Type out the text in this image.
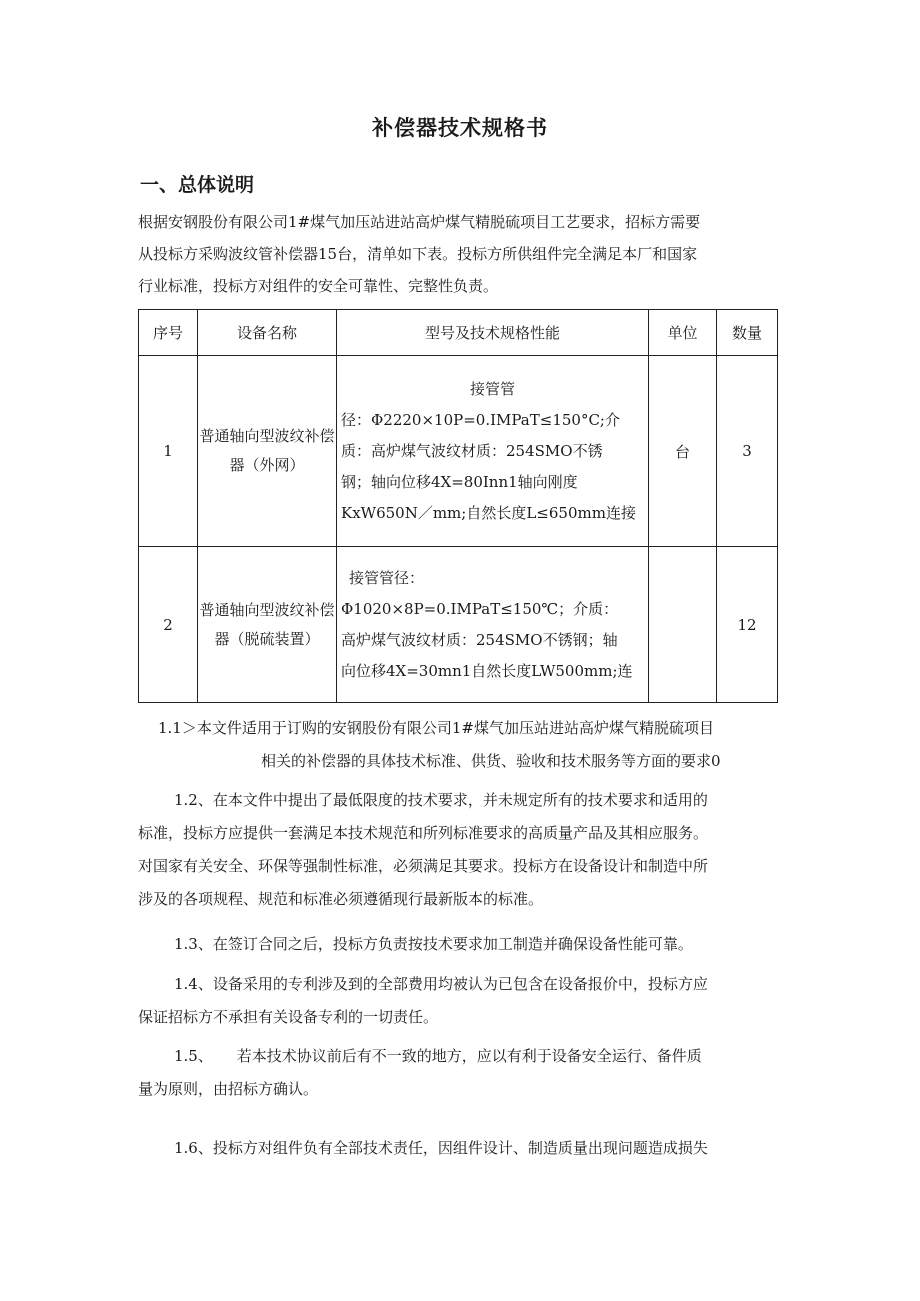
补偿器技术规格书
一、总体说明

根据安钢股份有限公司1#煤气加压站进站高炉煤气精脱硫项目工艺要求，招标方需要
从投标方采购波纹管补偿器15台，清单如下表。投标方所供组件完全满足本厂和国家
行业标准，投标方对组件的安全可靠性、完整性负责。

序号	设备名称	型号及技术规格性能	单位	数量
1	普通轴向型波纹补偿器（外网）	接管管
径：Φ2220×10P=0.IMPaT≤150°C;介
质：高炉煤气波纹材质：254SMO不锈
钢；轴向位移4X=80Inn1轴向刚度
KxW650N／mm;自然长度L≤650mm连接	台	3
2	普通轴向型波纹补偿器（脱硫装置）	接管管径：
Φ1020×8P=0.IMPaT≤150℃；介质：
高炉煤气波纹材质：254SMO不锈钢；轴
向位移4X=30mn1自然长度LW500mm;连		12

1.1＞本文件适用于订购的安钢股份有限公司1#煤气加压站进站高炉煤气精脱硫项目
相关的补偿器的具体技术标准、供货、验收和技术服务等方面的要求0

1.2、在本文件中提出了最低限度的技术要求，并未规定所有的技术要求和适用的
标准，投标方应提供一套满足本技术规范和所列标准要求的高质量产品及其相应服务。
对国家有关安全、环保等强制性标准，必须满足其要求。投标方在设备设计和制造中所
涉及的各项规程、规范和标准必须遵循现行最新版本的标准。

1.3、在签订合同之后，投标方负责按技术要求加工制造并确保设备性能可靠。

1.4、设备采用的专利涉及到的全部费用均被认为已包含在设备报价中，投标方应
保证招标方不承担有关设备专利的一切责任。

1.5、     若本技术协议前后有不一致的地方，应以有利于设备安全运行、备件质
量为原则，由招标方确认。

1.6、投标方对组件负有全部技术责任，因组件设计、制造质量出现问题造成损失
